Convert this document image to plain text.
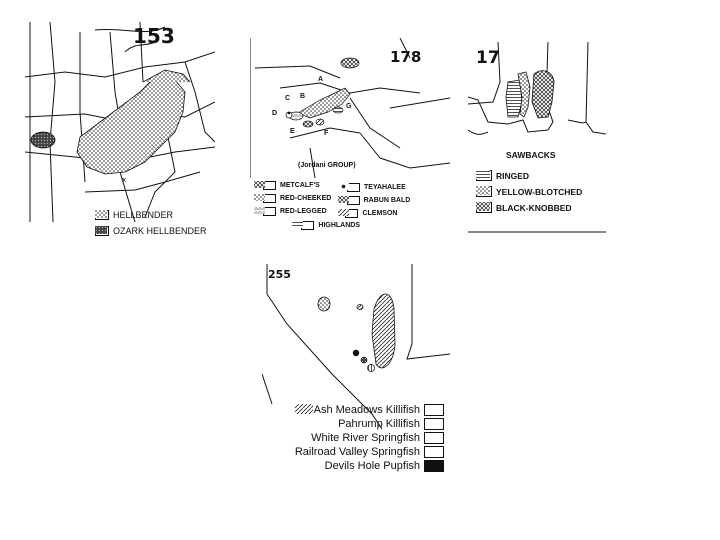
x
153
HELLBENDER
OZARK HELLBENDER
178
A
B
C
D
E	F
G
(Jordani GROUP)
METCALF'S
RED-CHEEKED
RED-LEGGED
TEYAHALEE
RABUN BALD
CLEMSON
HIGHLANDS
17
SAWBACKS
RINGED
YELLOW-BLOTCHED
BLACK-KNOBBED
255
Ash Meadows Killifish
Pahrump Killifish
White River Springfish
Railroad Valley Springfish
Devils Hole Pupfish
